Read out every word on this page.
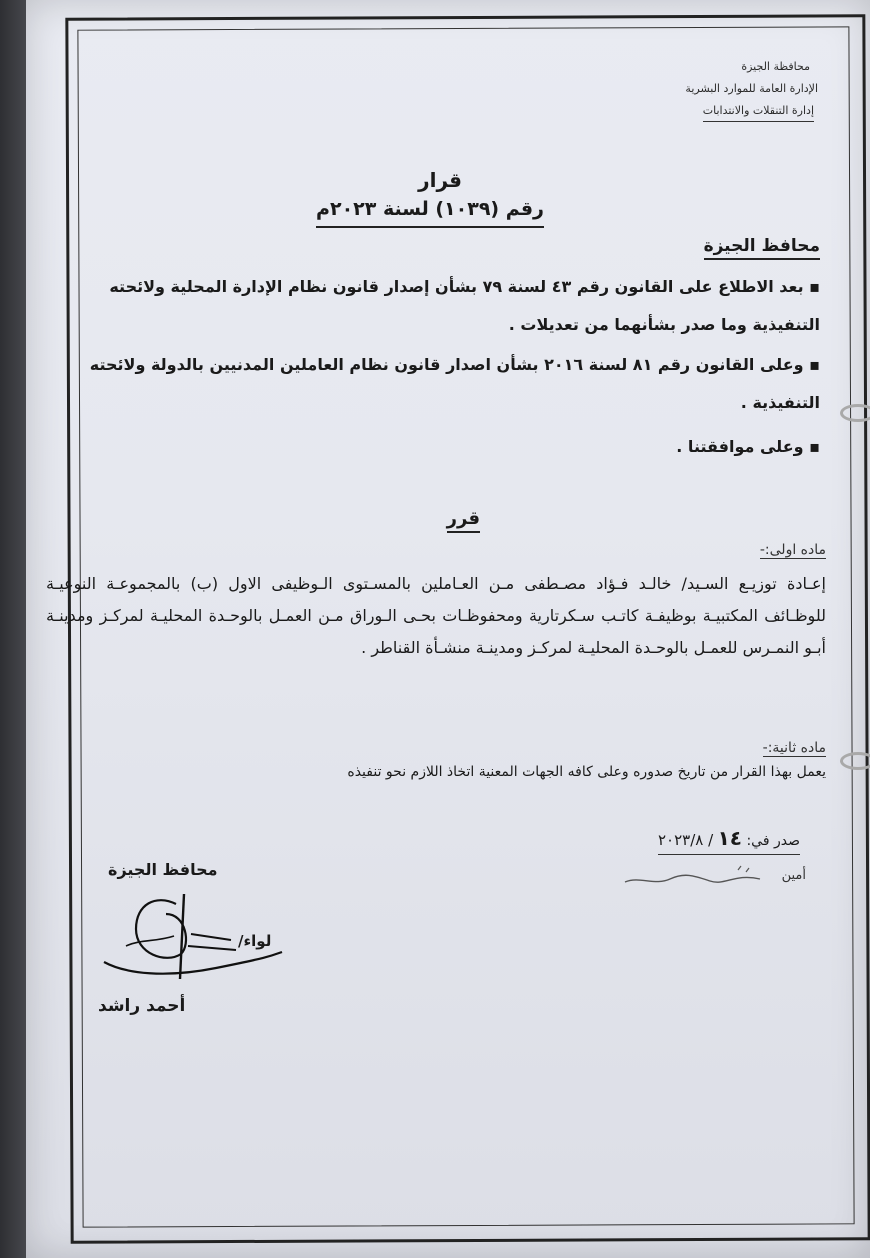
محافظة الجيزة
الإدارة العامة للموارد البشرية
إدارة التنقلات والانتدابات
قرار
رقم (١٠٣٩) لسنة ٢٠٢٣م
محافظ الجيزة
▪ بعد الاطلاع على القانون رقم ٤٣ لسنة ٧٩ بشأن إصدار قانون نظام الإدارة المحلية ولائحته التنفيذية وما صدر بشأنهما من تعديلات .
▪ وعلى القانون رقم ٨١ لسنة ٢٠١٦ بشأن اصدار قانون نظام العاملين المدنيين بالدولة ولائحته التنفيذية .
▪ وعلى موافقتنا .
قرر
ماده اولى:-
إعـادة توزيـع السـيد/ خالـد فـؤاد مصـطفى مـن العـاملين بالمسـتوى الـوظيفى الاول (ب) بالمجموعـة النوعيـة للوظـائف المكتبيـة بوظيفـة كاتـب سـكرتارية ومحفوظـات بحـى الـوراق مـن العمـل بالوحـدة المحليـة لمركـز ومدينـة أبـو النمـرس للعمـل بالوحـدة المحليـة لمركـز ومدينـة منشـأة القناطر .
ماده ثانية:-
يعمل بهذا القرار من تاريخ صدوره وعلى كافه الجهات المعنية اتخاذ اللازم نحو تنفيذه
صدر في: ١٤ / ٢٠٢٣/٨
أمين
محافظ الجيزة
لواء/
أحمد راشد
